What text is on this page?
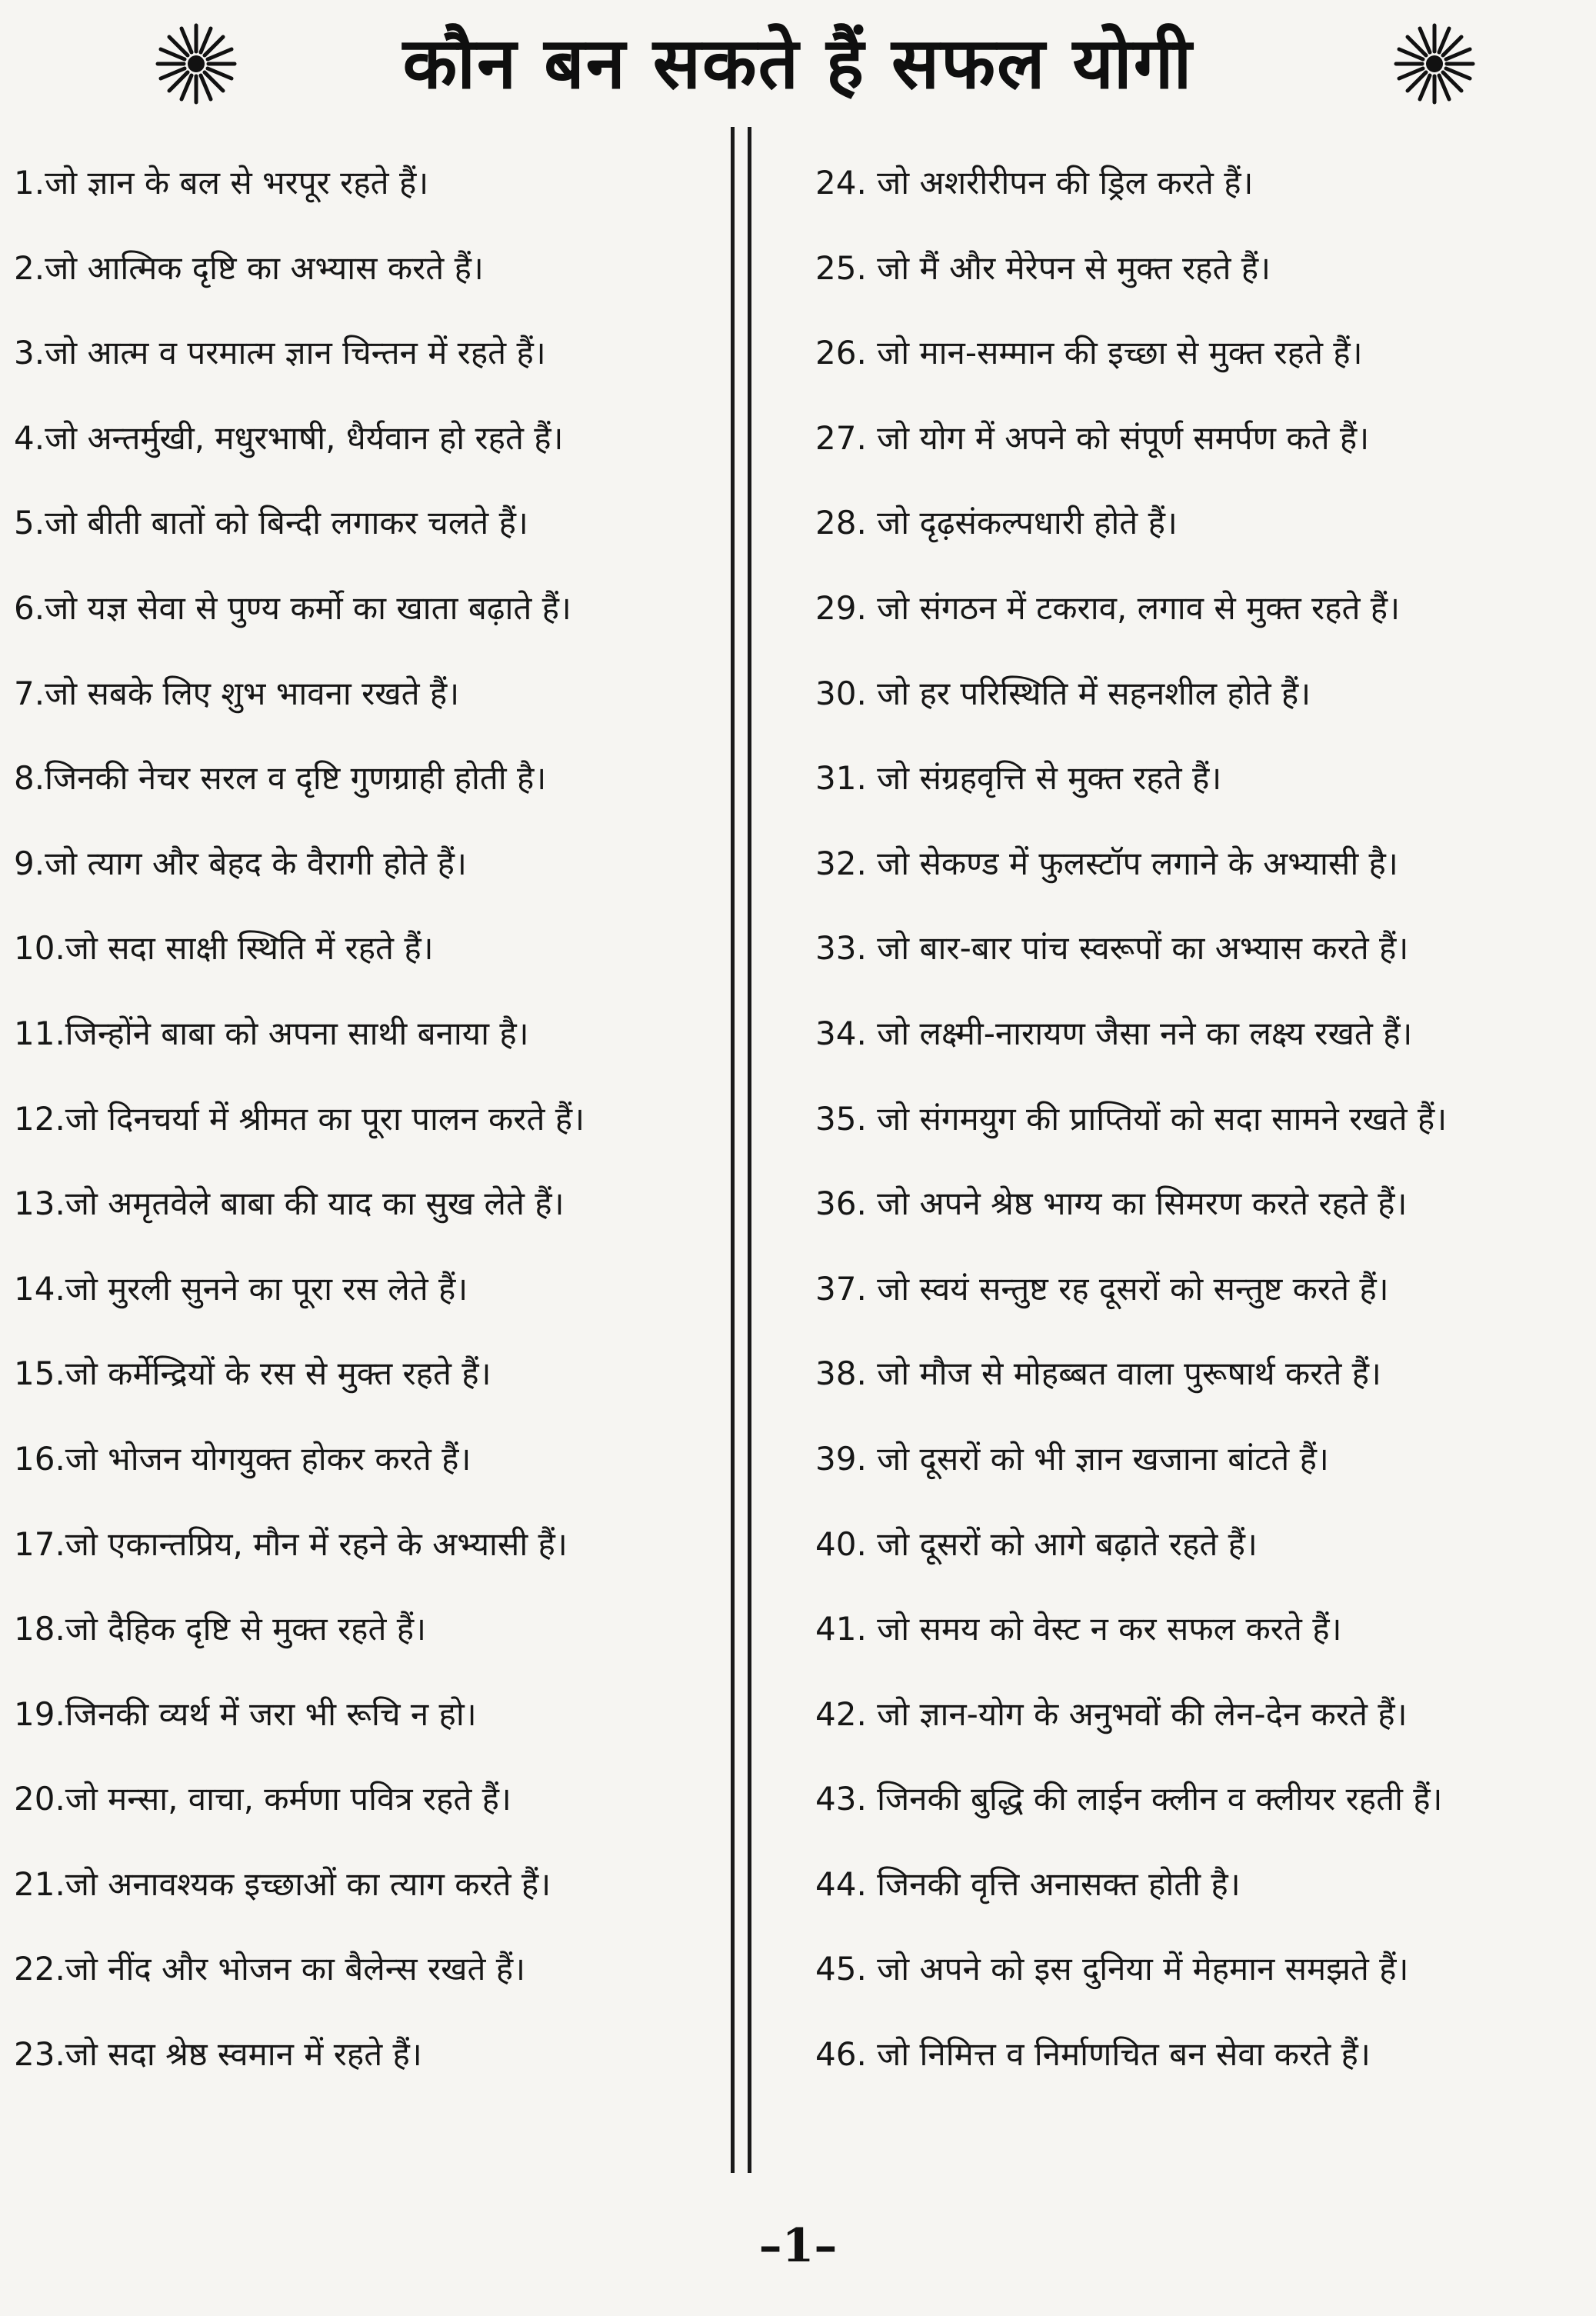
कौन बन सकते हैं सफल योगी
1.जो ज्ञान के बल से भरपूर रहते हैं।
2.जो आत्मिक दृष्टि का अभ्यास करते हैं।
3.जो आत्म व परमात्म ज्ञान चिन्तन में रहते हैं।
4.जो अन्तर्मुखी, मधुरभाषी, धैर्यवान हो रहते हैं।
5.जो बीती बातों को बिन्दी लगाकर चलते हैं।
6.जो यज्ञ सेवा से पुण्य कर्मो का खाता बढ़ाते हैं।
7.जो सबके लिए शुभ भावना रखते हैं।
8.जिनकी नेचर सरल व दृष्टि गुणग्राही होती है।
9.जो त्याग और बेहद के वैरागी होते हैं।
10.जो सदा साक्षी स्थिति में रहते हैं।
11.जिन्होंने बाबा को अपना साथी बनाया है।
12.जो दिनचर्या में श्रीमत का पूरा पालन करते हैं।
13.जो अमृतवेले बाबा की याद का सुख लेते हैं।
14.जो मुरली सुनने का पूरा रस लेते हैं।
15.जो कर्मेन्द्रियों के रस से मुक्त रहते हैं।
16.जो भोजन योगयुक्त होकर करते हैं।
17.जो एकान्तप्रिय, मौन में रहने के अभ्यासी हैं।
18.जो दैहिक दृष्टि से मुक्त रहते हैं।
19.जिनकी व्यर्थ में जरा भी रूचि न हो।
20.जो मन्सा, वाचा, कर्मणा पवित्र रहते हैं।
21.जो अनावश्यक इच्छाओं का त्याग करते हैं।
22.जो नींद और भोजन का बैलेन्स रखते हैं।
23.जो सदा श्रेष्ठ स्वमान में रहते हैं।
24. जो अशरीरीपन की ड्रिल करते हैं।
25. जो मैं और मेरेपन से मुक्त रहते हैं।
26. जो मान-सम्मान की इच्छा से मुक्त रहते हैं।
27. जो योग में अपने को संपूर्ण समर्पण कते हैं।
28. जो दृढ़संकल्पधारी होते हैं।
29. जो संगठन में टकराव, लगाव से मुक्त रहते हैं।
30. जो हर परिस्थिति में सहनशील होते हैं।
31. जो संग्रहवृत्ति से मुक्त रहते हैं।
32. जो सेकण्ड में फुलस्टॉप लगाने के अभ्यासी है।
33. जो बार-बार पांच स्वरूपों का अभ्यास करते हैं।
34. जो लक्ष्मी-नारायण जैसा नने का लक्ष्य रखते हैं।
35. जो संगमयुग की प्राप्तियों को सदा सामने रखते हैं।
36. जो अपने श्रेष्ठ भाग्य का सिमरण करते रहते हैं।
37. जो स्वयं सन्तुष्ट रह दूसरों को सन्तुष्ट करते हैं।
38. जो मौज से मोहब्बत वाला पुरूषार्थ करते हैं।
39. जो दूसरों को भी ज्ञान खजाना बांटते हैं।
40. जो दूसरों को आगे बढ़ाते रहते हैं।
41. जो समय को वेस्ट न कर सफल करते हैं।
42. जो ज्ञान-योग के अनुभवों की लेन-देन करते हैं।
43. जिनकी बुद्धि की लाईन क्लीन व क्लीयर रहती हैं।
44. जिनकी वृत्ति अनासक्त होती है।
45. जो अपने को इस दुनिया में मेहमान समझते हैं।
46. जो निमित्त व निर्माणचित बन सेवा करते हैं।
–1–
